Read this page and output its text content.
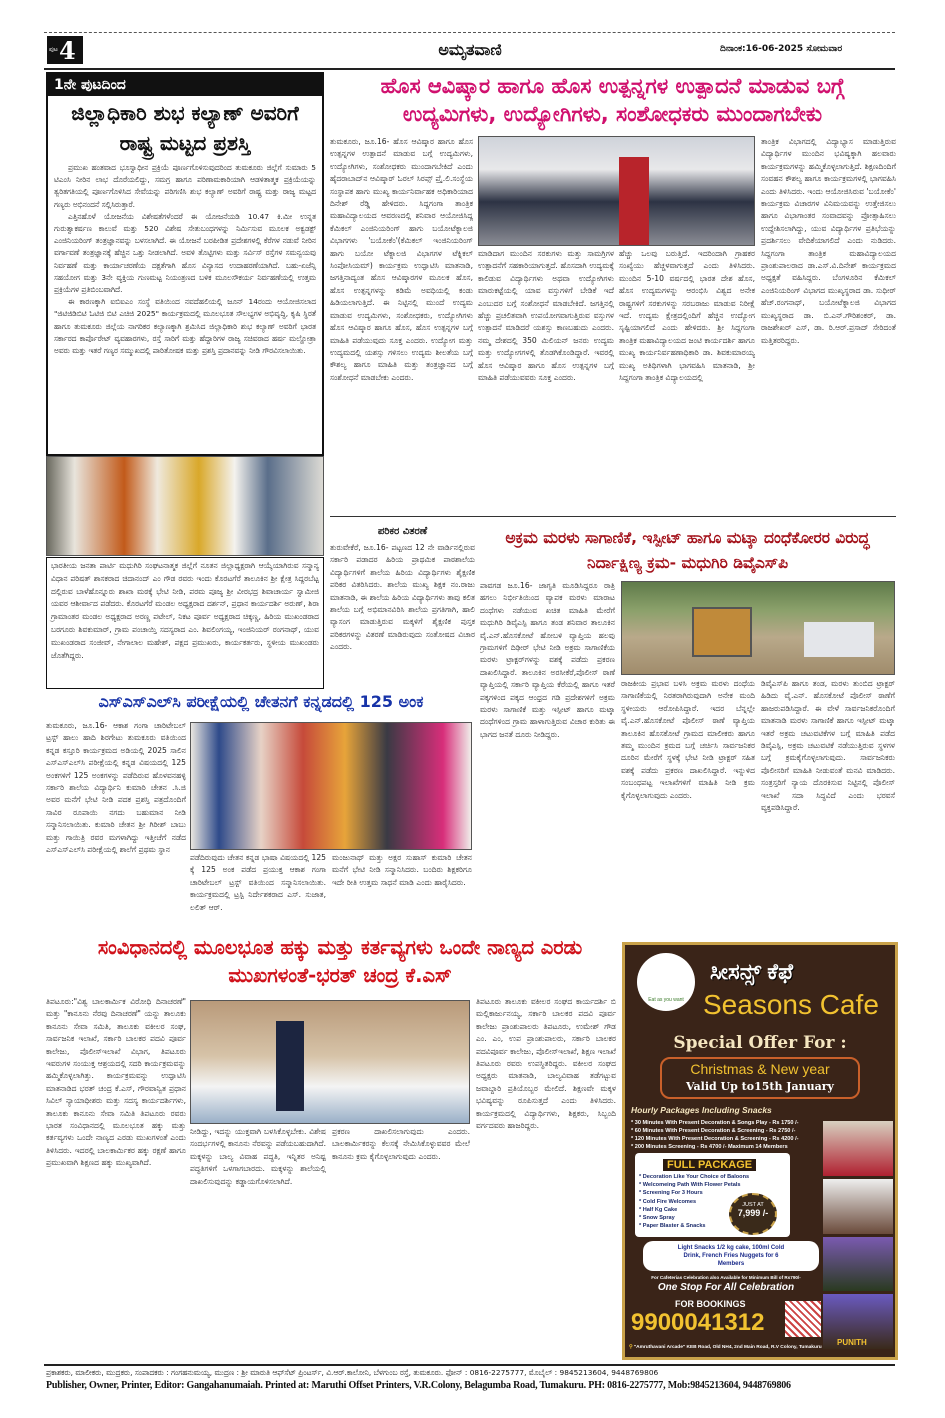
ಪುಟ 4	ಅಮೃತವಾಣಿ	ದಿನಾಂಕ:16-06-2025 ಸೋಮವಾರ
1ನೇ ಪುಟದಿಂದ
ಜಿಲ್ಲಾಧಿಕಾರಿ ಶುಭ ಕಲ್ಯಾಣ್ ಅವರಿಗೆ ರಾಷ್ಟ್ರ ಮಟ್ಟದ ಪ್ರಶಸ್ತಿ

ಪ್ರಮುಖ ಹಂತವಾದ ಭೂಸ್ವಾಧೀನ ಪ್ರಕ್ರಿಯೆ ಪೂರ್ಣಗೊಳಿಸುವುದರಿಂದ ತುಮಕೂರು ಜಿಲ್ಲೆಗೆ ಸುಮಾರು 5 ಟಿಎಂಸಿ ನೀರಿನ ಲಾಭ ದೊರೆಯಲಿದ್ದು, ಸಮಗ್ರ ಹಾಗೂ ಪರಿಣಾಮಕಾರಿಯಾಗಿ ಆಡಳಿತಾತ್ಮಕ ಪ್ರಕ್ರಿಯೆಯನ್ನು ತ್ವರಿತಗತಿಯಲ್ಲಿ ಪೂರ್ಣಗೊಳಿಸಿದ ಸೇವೆಯನ್ನು ಪರಿಗಣಿಸಿ ಶುಭ ಕಲ್ಯಾಣ್ ಅವರಿಗೆ ರಾಷ್ಟ್ರ ಮತ್ತು ರಾಜ್ಯ ಮಟ್ಟದ ಗಣ್ಯರು ಅಭಿನಂದನೆ ಸಲ್ಲಿಸಿರುತ್ತಾರೆ.

ಎತ್ತಿನಹೊಳೆ ಯೋಜನೆಯ ವಿಶೇಷತೆಗಳೆಂದರೆ ಈ ಯೋಜನೆಯಡಿ 10.47 ಕಿ.ಮೀ ಉನ್ನತ ಗುರುತ್ವಾಕರ್ಷಣ ಕಾಲುವೆ ಮತ್ತು 520 ವಿಶೇಷ ಸೇತುಬಂಧಗಳನ್ನು ನಿರ್ಮಿಸುವ ಮೂಲಕ ಅಕ್ವಡಕ್ಟ್ ಎಂಜಿನಿಯರಿಂಗ್ ತಂತ್ರಜ್ಞಾನವನ್ನು ಬಳಸಲಾಗಿದೆ. ಈ ಯೋಜನೆ ಬರಪೀಡಿತ ಪ್ರದೇಶಗಳಲ್ಲಿ ಕೆರೆಗಳ ನಡುವೆ ನೀರಿನ ವರ್ಗಾವಣೆ ತಂತ್ರಜ್ಞಾನಕ್ಕೆ ಹೆಚ್ಚಿನ ಒತ್ತು ನೀಡಲಾಗಿದೆ. ಅವಳಿ ತೊಟ್ಟಿಗಳು ಮತ್ತು ಸರ್ವಿಸ್ ರಸ್ತೆಗಳ ಸಮನ್ವಯವು ನಿರ್ವಹಣೆ ಮತ್ತು ಕಾರ್ಯಾಚರಣೆಯ ದಕ್ಷತೆಗಾಗಿ ಹೊಸ ವಿನ್ಯಾಸದ ಉದಾಹರಣೆಯಾಗಿದೆ. ಬಹು-ಏಜೆನ್ಸಿ ಸಹಯೋಗ ಮತ್ತು 3ನೇ ವ್ಯಕ್ತಿಯ ಗುಣಮಟ್ಟ ನಿಯಂತ್ರಣದ ಬಳಿಕ ಮೂಲಸೌಕರ್ಯ ನಿರ್ವಹಣೆಯಲ್ಲಿ ಉತ್ತಮ ಪ್ರಕ್ರಿಯೆಗಳ ಪ್ರತಿಬಿಂಬವಾಗಿದೆ.

ಈ ಕಾರಣಕ್ಕಾಗಿ ಐಬಿಐಎಂ ಸಂಸ್ಥೆ ವತಿಯಿಂದ ನವದೆಹಲಿಯಲ್ಲಿ ಜೂನ್ 14ರಂದು ಆಯೋಜಿಸಲಾದ "ಜಿಟಿಜಿಡಿಬಿಟಿ ಓಟಿಜಿ ಬಿಟಿ ಎಚಿಜಿ 2025" ಕಾರ್ಯಕ್ರಮದಲ್ಲಿ ಮೂಲಭೂತ ಸೌಲಭ್ಯಗಳ ಅಭಿವೃದ್ಧಿ, ಕೃಷಿ ಸ್ಥಿರತೆ ಹಾಗೂ ತುಮಕೂರು ಜಿಲ್ಲೆಯ ನಾಗರಿಕರ ಕಲ್ಯಾಣಕ್ಕಾಗಿ ಶ್ರಮಿಸಿದ ಜಿಲ್ಲಾಧಿಕಾರಿ ಶುಭ ಕಲ್ಯಾಣ್ ಅವರಿಗೆ ಭಾರತ ಸರ್ಕಾರದ ಕಾರ್ಪೊರೇಟ್ ವ್ಯವಹಾರಗಳು, ರಸ್ತೆ ಸಾರಿಗೆ ಮತ್ತು ಹೆದ್ದಾರಿಗಳ ರಾಜ್ಯ ಸಚಿವರಾದ ಹರ್ಷ ಮಲ್ಹೋತ್ರಾ ಅವರು ಮತ್ತು ಇತರೆ ಗಣ್ಯರ ಸಮ್ಮುಖದಲ್ಲಿ ಪಾರಿತೋಷಕ ಮತ್ತು ಪ್ರಶಸ್ತಿ ಪ್ರದಾನವನ್ನು ನೀಡಿ ಗೌರವಿಸಲಾಯಿತು.

ಭಾರತೀಯ ಜನತಾ ಪಾರ್ಟಿ ಮಧುಗಿರಿ ಸಂಘಟನಾತ್ಮಕ ಜಿಲ್ಲೆಗೆ ನೂತನ ಜಿಲ್ಲಾಧ್ಯಕ್ಷರಾಗಿ ಆಯ್ಕೆಯಾಗಿರುವ ಸನ್ಮಾನ್ಯ ವಿಧಾನ ಪರಿಷತ್ ಶಾಸಕರಾದ ಚಿದಾನಂದ್ ಎಂ ಗೌಡ ರವರು ಇಂದು ಕೊರಟಗೆರೆ ತಾಲೂಕಿನ ಶ್ರೀ ಕ್ಷೇತ್ರ ಸಿದ್ದರಬೆಟ್ಟ ದಲ್ಲಿರುವ ಬಾಳೆಹೊನ್ನೂರು ಶಾಖಾ ಮಠಕ್ಕೆ ಭೇಟಿ ನೀಡಿ, ಪರಮ ಪೂಜ್ಯ ಶ್ರೀ ವೀರಭದ್ರ ಶಿವಾಚಾರ್ಯ ಸ್ವಾಮೀಜಿ ಯವರ ಆಶೀರ್ವಾದ ಪಡೆದರು. ಕೊರಟಗೆರೆ ಮಂಡಲ ಅಧ್ಯಕ್ಷರಾದ ದರ್ಶನ್, ಪ್ರಧಾನ ಕಾರ್ಯದರ್ಶಿ ಅರುಣ್, ಶಿರಾ ಗ್ರಾಮಾಂತರ ಮಂಡಲ ಅಧ್ಯಕ್ಷರಾದ ಅರಣ್ಣ ಪಟೇಲ್, ನಿಕಟ ಪೂರ್ವ ಅಧ್ಯಕ್ಷರಾದ ಚಿಕ್ಕಣ್ಣ, ಹಿರಿಯ ಮುಖಂಡರಾದ ಬರಗೂರು ಶಿವಕುಮಾರ್, ಗ್ರಾಮ ಪಂಚಾಯ್ತಿ ಸದಸ್ಯರಾದ ಎಂ. ಶಿವಲಿಂಗಯ್ಯ, ಇಂಜಿನಿಯರ್ ರಂಗನಾಥ್, ಯುವ ಮುಖಂಡರಾದ ಸಂಜೀವ್, ನೇಗಾಲಾಲ ಮಹೇಶ್, ಪಕ್ಷದ ಪ್ರಮುಖರು, ಕಾರ್ಯಕರ್ತರು, ಸ್ಥಳೀಯ ಮುಖಂಡರು ಜೊತೆಗಿದ್ದರು.
ಹೊಸ ಆವಿಷ್ಕಾರ ಹಾಗೂ ಹೊಸ ಉತ್ಪನ್ನಗಳ ಉತ್ಪಾದನೆ ಮಾಡುವ ಬಗ್ಗೆ ಉದ್ಯಮಿಗಳು, ಉದ್ಯೋಗಿಗಳು, ಸಂಶೋಧಕರು ಮುಂದಾಗಬೇಕು
ತುಮಕೂರು, ಜೂ.16- ಹೊಸ ಆವಿಷ್ಕಾರ ಹಾಗೂ ಹೊಸ ಉತ್ಪನ್ನಗಳ ಉತ್ಪಾದನೆ ಮಾಡುವ ಬಗ್ಗೆ ಉದ್ಯಮಿಗಳು, ಉದ್ಯೋಗಿಗಳು, ಸಂಶೋಧಕರು ಮುಂದಾಗಬೇಕಿದೆ ಎಂದು ಹೈದರಾಬಾದ್‌ನ ಆವಿಷ್ಕಾರ್ ಓರಲ್ ಸಿರಪ್ಸ್ ಪ್ರೈ.ಲಿ.ಸಂಸ್ಥೆಯ ಸಂಸ್ಥಾಪಕ ಹಾಗು ಮುಖ್ಯ ಕಾರ್ಯನಿರ್ವಾಹಕ ಅಧಿಕಾರಿಯಾದ ದಿನೇಶ್ ರೆಡ್ಡಿ ಹೇಳಿದರು. ಸಿದ್ದಗಂಗಾ ತಾಂತ್ರಿಕ ಮಹಾವಿದ್ಯಾಲಯದ ಆವರಣದಲ್ಲಿ ಶನಿವಾರ ಆಯೋಜಿಸಿದ್ದ ಕೆಮಿಕಲ್ ಎಂಜಿನಿಯರಿಂಗ್ ಹಾಗು ಬಯೋಟೆಕ್ನಾಲಜಿ ವಿಭಾಗಗಳು 'ಬಯೋಕೆಂ'(ಕೆಮಿಕಲ್ ಇಂಜಿನಿಯರಿಂಗ್ ಹಾಗು ಬಯೋ ಟೆಕ್ನಾಲಜಿ ವಿಭಾಗಗಳ ಟೆಕ್ನಿಕಲ್ ಸಿಂಪೋಸಿಯಮ್) ಕಾರ್ಯಕ್ರಮ ಉದ್ಘಾಟಿಸಿ ಮಾತನಾಡಿ, ಜಗತ್ತಿನಾದ್ಯಂತ ಹೊಸ ಆವಿಷ್ಕಾರಗಳ ಮೂಲಕ ಹೊಸ, ಹೊಸ ಉತ್ಪನ್ನಗಳನ್ನು ಕಡಿಮೆ ಅವಧಿಯಲ್ಲಿ ಕಂಡು ಹಿಡಿಯಲಾಗುತ್ತಿದೆ. ಈ ನಿಟ್ಟಿನಲ್ಲಿ ಮುಂದೆ ಉದ್ಯಮ ಮಾಡುವ ಉದ್ಯಮಿಗಳು, ಸಂಶೋಧಕರು, ಉದ್ಯೋಗಿಗಳು ಹೊಸ ಆವಿಷ್ಕಾರ ಹಾಗೂ ಹೊಸ, ಹೊಸ ಉತ್ಪನ್ನಗಳ ಬಗ್ಗೆ ಮಾಹಿತಿ ಪಡೆಯುವುದು ಸೂಕ್ತ ಎಂದರು. ಉದ್ಯೋಗ ಮತ್ತು ಉದ್ಯಮದಲ್ಲಿ ಯಶಸ್ಸು ಗಳಿಸಲು ಉದ್ಯಮ ಶೀಲತೆಯ ಬಗ್ಗೆ ಕೌಶಲ್ಯ ಹಾಗೂ ಮಾಹಿತಿ ಮತ್ತು ತಂತ್ರಜ್ಞಾನದ ಬಗ್ಗೆ ಸಂಶೋಧನೆ ಮಾಡಬೇಕು ಎಂದರು.
ಮಾಡಿದಾಗ ಮುಂದಿನ ಸರಕುಗಳು ಮತ್ತು ಸಾಮಗ್ರಿಗಳ ಉತ್ಪಾದನೆಗೆ ಸಹಕಾರಿಯಾಗುತ್ತದೆ. ಹೊಸದಾಗಿ ಉದ್ಯಮಕ್ಕೆ ಕಾಲಿಡುವ ವಿದ್ಯಾರ್ಥಿಗಳು ಅಥವಾ ಉದ್ಯೋಗಿಗಳು ಮಾರುಕಟ್ಟೆಯಲ್ಲಿ ಯಾವ ವಸ್ತುಗಳಿಗೆ ಬೇಡಿಕೆ ಇದೆ ಎಂಬುದರ ಬಗ್ಗೆ ಸಂಶೋಧನೆ ಮಾಡಬೇಕಿದೆ. ಜಗತ್ತಿನಲ್ಲಿ ಹೆಚ್ಚು ಪ್ರಚಲಿತವಾಗಿ ಉಪಯೋಗವಾಗುತ್ತಿರುವ ವಸ್ತುಗಳ ಉತ್ಪಾದನೆ ಮಾಡಿದರೆ ಯಶಸ್ಸು ಕಾಣಬಹುದು ಎಂದರು. ನಮ್ಮ ದೇಶದಲ್ಲಿ 350 ಮಿಲಿಯನ್ ಜನರು ಉದ್ಯಮ ಮತ್ತು ಉದ್ಯೋಗಗಳಲ್ಲಿ ತೊಡಗಿಕೊಂಡಿದ್ದಾರೆ. ಇವರಲ್ಲಿ ಹೊಸ ಆವಿಷ್ಕಾರ ಹಾಗೂ ಹೊಸ ಉತ್ಪನ್ನಗಳ ಬಗ್ಗೆ ಮಾಹಿತಿ ಪಡೆಯುವವರು ಸೂಕ್ತ ಎಂದರು.
ಹೆಚ್ಚು ಒಲವು ಬರುತ್ತಿದೆ. ಇದರಿಂದಾಗಿ ಗ್ರಾಹಕರ ಸಂಖ್ಯೆಯು ಹೆಚ್ಚಳವಾಗುತ್ತದೆ ಎಂದು ತಿಳಿಸಿದರು. ಮುಂದಿನ 5-10 ವರ್ಷದಲ್ಲಿ ಭಾರತ ದೇಶ ಹೊಸ, ಹೊಸ ಉದ್ಯಮಗಳನ್ನು ಆರಂಭಿಸಿ ವಿಶ್ವದ ಅನೇಕ ರಾಷ್ಟ್ರಗಳಿಗೆ ಸರಕುಗಳನ್ನು ಸರಬರಾಜು ಮಾಡುವ ನಿರೀಕ್ಷೆ ಇದೆ. ಉದ್ಯಮ ಕ್ಷೇತ್ರದಲ್ಲಿಂದಿಗೆ ಹೆಚ್ಚಿನ ಉದ್ಯೋಗ ಸೃಷ್ಟಿಯಾಗಲಿದೆ ಎಂದು ಹೇಳಿದರು. ಶ್ರೀ ಸಿದ್ದಗಂಗಾ ತಾಂತ್ರಿಕ ಮಹಾವಿದ್ಯಾಲಯದ ಜಂಟಿ ಕಾರ್ಯದರ್ಶಿ ಹಾಗೂ ಮುಖ್ಯ ಕಾರ್ಯನಿರ್ವಹಣಾಧಿಕಾರಿ ಡಾ. ಶಿವಕುಮಾರಯ್ಯ ಮುಖ್ಯ ಅತಿಥಿಗಳಾಗಿ ಭಾಗವಹಿಸಿ ಮಾತನಾಡಿ, ಶ್ರೀ ಸಿದ್ದಗಂಗಾ ತಾಂತ್ರಿಕ ವಿದ್ಯಾಲಯದಲ್ಲಿ
ತಾಂತ್ರಿಕ ವಿಭಾಗದಲ್ಲಿ ವಿದ್ಯಾಭ್ಯಾಸ ಮಾಡುತ್ತಿರುವ ವಿದ್ಯಾರ್ಥಿಗಳ ಮುಂದಿನ ಭವಿಷ್ಯಕ್ಕಾಗಿ ಹಲವಾರು ಕಾರ್ಯಕ್ರಮಗಳನ್ನು ಹಮ್ಮಿಕೊಳ್ಳಲಾಗುತ್ತಿದೆ. ಶಿಕ್ಷಣದಿಂದಿಗೆ ಸಂವಹನ ಕೌಶಲ್ಯ ಹಾಗೂ ಕಾರ್ಯಕ್ರಮಗಳಲ್ಲಿ ಭಾಗವಹಿಸಿ ಎಂದು ತಿಳಿಸಿದರು. ಇಂದು ಆಯೋಜಿಸಿರುವ 'ಬಯೋಕೆಂ' ಕಾರ್ಯಕ್ರಮ ವಿಚಾರಗಳ ವಿನಿಮಯವನ್ನು ಉತ್ತೇಜಿಸಲು ಹಾಗೂ ವಿಭಾಗಾಂತರ ಸಂವಾದವನ್ನು ಪ್ರೋತ್ಸಾಹಿಸಲು ಉದ್ದೇಶಿಸಲಾಗಿದ್ದು, ಯುವ ವಿದ್ಯಾರ್ಥಿಗಳ ಪ್ರತಿಭೆಯನ್ನು ಪ್ರದರ್ಶಿಸಲು ವೇದಿಕೆಯಾಗಲಿದೆ ಎಂದು ನುಡಿದರು. ಸಿದ್ದಗಂಗಾ ತಾಂತ್ರಿಕ ಮಹಾವಿದ್ಯಾಲಯದ ಪ್ರಾಂಶುಪಾಲರಾದ ಡಾ.ಎಸ್.ವಿ.ದಿನೇಶ್ ಕಾರ್ಯಕ್ರಮದ ಅಧ್ಯಕ್ಷತೆ ವಹಿಸಿದ್ದರು. ಬೆಂಗಳೂರಿನ ಕೆಮಿಕಲ್ ಎಂಜಿನಿಯರಿಂಗ್ ವಿಭಾಗದ ಮುಖ್ಯಸ್ಥರಾದ ಡಾ. ಸುಧೀರ್ ಹೆಚ್.ರಂಗನಾಥ್, ಬಯೋಟೆಕ್ನಾಲಜಿ ವಿಭಾಗದ ಮುಖ್ಯಸ್ಥರಾದ ಡಾ. ಬಿ.ಎನ್.ಗೌರಿಶಂಕರ್, ಡಾ. ರಾಜಶೇಖರ್ ಎಸ್, ಡಾ. ರಿ.ಆರ್.ಪ್ರಸಾದ್ ಸೇರಿದಂತೆ ಮತ್ತಿತರರಿದ್ದರು.
ಪರಿಕರ ವಿತರಣೆ
ತುರುವೇಕೆರೆ, ಜೂ.16- ಪಟ್ಟಣದ 12 ನೇ ವಾರ್ಡಿನಲ್ಲಿರುವ ಸರ್ಕಾರಿ ಪಡಾದರ ಹಿರಿಯ ಪ್ರಾಥಮಿಕ ಪಾಠಶಾಲೆಯ ವಿದ್ಯಾರ್ಥಿಗಳಿಗೆ ಶಾಲೆಯ ಹಿರಿಯ ವಿದ್ಯಾರ್ಥಿಗಳು ಶೈಕ್ಷಣಿಕ ಪರಿಕರ ವಿತರಿಸಿದರು. ಶಾಲೆಯ ಮುಖ್ಯ ಶಿಕ್ಷಕ ನಂ.ರಾಜು ಮಾತನಾಡಿ, ಈ ಶಾಲೆಯ ಹಿರಿಯ ವಿದ್ಯಾರ್ಥಿಗಳು ತಾವು ಕಲಿತ ಶಾಲೆಯ ಬಗ್ಗೆ ಅಭಿಮಾನವಿರಿಸಿ ಶಾಲೆಯ ಪ್ರಗತಿಗಾಗಿ, ಹಾಲಿ ವ್ಯಾಸಂಗ ಮಾಡುತ್ತಿರುವ ಮಕ್ಕಳಿಗೆ ಶೈಕ್ಷಣಿಕ ಪುಸ್ತಕ ಪರಿಕರಗಳನ್ನು ವಿತರಣೆ ಮಾಡಿರುವುದು ಸಂತೋಷದ ವಿಚಾರ ಎಂದರು.
ಅಕ್ರಮ ಮರಳು ಸಾಗಾಣಿಕೆ, ಇಸ್ಪೀಟ್ ಹಾಗೂ ಮಟ್ಕಾ ದಂಧೆಕೋರರ ವಿರುದ್ಧ ನಿರ್ದಾಕ್ಷಿಣ್ಯ ಕ್ರಮ- ಮಧುಗಿರಿ ಡಿವೈಎಸ್‌ಪಿ
ಪಾವಗಡ ಜೂ.16- ಜಾಗೃತಿ ಮೂಡಿಸಿದ್ದರೂ ರಾತ್ರಿ ಹಗಲು ನಿರ್ಭೀತಿಯಿಂದ ವ್ಯಾಪಕ ಮರಳು ಮಾರಾಟ ದಂಧೆಗಳು ನಡೆಯುವ ಖಚಿತ ಮಾಹಿತಿ ಮೇರೆಗೆ ಮಧುಗಿರಿ ಡಿವೈಎಸ್ಪಿ ಹಾಗೂ ತಂಡ ಶನಿವಾರ ತಾಲೂಕಿನ ವೈ.ಎನ್.ಹೊಸಕೋಟೆ ಹೋಬಳಿ ವ್ಯಾಪ್ತಿಯ ಹಲವು ಗ್ರಾಮಗಳಿಗೆ ದಿಢೀರ್ ಭೇಟಿ ನೀಡಿ ಅಕ್ರಮ ಸಾಗಾಣಿಕೆಯ ಮರಳು ಟ್ರಾಕ್ಟರ್‌ಗಳನ್ನು ವಶಕ್ಕೆ ಪಡೆದು ಪ್ರಕರಣ ದಾಖಲಿಸಿದ್ದಾರೆ. ತಾಲೂಕಿನ ಅರಸೀಕೆರೆ,ಪೊಲೀಸ್ ಠಾಣೆ ವ್ಯಾಪ್ತಿಯಲ್ಲಿ ಸರ್ಕಾರಿ ವ್ಯಾಪ್ತಿಯ ಕೆರೆಯಲ್ಲಿ ಹಾಗೂ ಇತರೆ ಪಕ್ಕಗಳಿಂದ ಪಕ್ಕದ ಆಂಧ್ರದ ಗಡಿ ಪ್ರದೇಶಗಳಿಗೆ ಅಕ್ರಮ ಮರಳು ಸಾಗಾಣಿಕೆ ಮತ್ತು ಇಸ್ಪೀಟ್ ಹಾಗೂ ಮಟ್ಕಾ ದಂಧೆಗಳಿಂದ ಗ್ರಾಮ ಹಾಳಾಗುತ್ತಿರುವ ವಿಚಾರ ಕುರಿತು ಈ ಭಾಗದ ಜನತೆ ದೂರು ನೀಡಿದ್ದರು.
ರಾಜಕೀಯ ಪ್ರಭಾವ ಬಳಸಿ ಅಕ್ರಮ ಮರಳು ದಂಧೆಯ ಸಾಗಾಣಿಕೆಯಲ್ಲಿ ನಿರತರಾಗಿರುವುದಾಗಿ ಅನೇಕ ಮಂದಿ ಸ್ಥಳೀಯರು ಆರೋಪಿಸಿದ್ದಾರೆ. ಇದರ ಬೆನ್ನಲ್ಲೇ ವೈ.ಎನ್.ಹೊಸಕೋಟೆ ಪೊಲೀಸ್ ಠಾಣೆ ವ್ಯಾಪ್ತಿಯ ತಾಲೂಕಿನ ಹೊಸಕೋಟೆ ಗ್ರಾಮದ ಮಾಲೀಕರು ಹಾಗೂ ತಮ್ಮ ಮುಂದಿನ ಕ್ರಮದ ಬಗ್ಗೆ ಚರ್ಚಿಸಿ ಸಾರ್ವಜನಿಕರ ದೂರಿನ ಮೇರೆಗೆ ಸ್ಥಳಕ್ಕೆ ಭೇಟಿ ನೀಡಿ ಟ್ರಾಕ್ಟರ್ ಸಹಿತ ವಶಕ್ಕೆ ಪಡೆದು ಪ್ರಕರಣ ದಾಖಲಿಸಿದ್ದಾರೆ. ಇನ್ನುಳಿದ ಸಂಬಂಧಪಟ್ಟ ಇಲಾಖೆಗಳಿಗೆ ಮಾಹಿತಿ ನೀಡಿ ಕ್ರಮ ಕೈಗೊಳ್ಳಲಾಗುವುದು ಎಂದರು.
ಡಿವೈಎಸ್‌ಪಿ ಹಾಗೂ ತಂಡ, ಮರಳು ತುಂಬಿದ ಟ್ರಾಕ್ಟರ್ ಹಿಡಿದು ವೈ.ಎನ್. ಹೊಸಕೋಟೆ ಪೊಲೀಸ್ ಠಾಣೆಗೆ ಹಾಜರುಪಡಿಸಿದ್ದಾರೆ. ಈ ವೇಳೆ ಸಾರ್ವಜನಿಕರೊಂದಿಗೆ ಮಾತನಾಡಿ ಮರಳು ಸಾಗಾಣಿಕೆ ಹಾಗೂ ಇಸ್ಪೀಟ್ ಮಟ್ಕಾ ಇತರೆ ಅಕ್ರಮ ಚಟುವಟಿಕೆಗಳ ಬಗ್ಗೆ ಮಾಹಿತಿ ಪಡೆದ ಡಿವೈಎಸ್ಪಿ, ಅಕ್ರಮ ಚಟುವಟಿಕೆ ನಡೆಯುತ್ತಿರುವ ಸ್ಥಳಗಳ ಬಗ್ಗೆ ಕ್ರಮಕೈಗೊಳ್ಳಲಾಗುವುದು. ಸಾರ್ವಜನಿಕರು ಪೊಲೀಸರಿಗೆ ಮಾಹಿತಿ ನೀಡುವಂತೆ ಮನವಿ ಮಾಡಿದರು. ಸಂತ್ರಸ್ತರಿಗೆ ನ್ಯಾಯ ದೊರಕಿಸುವ ನಿಟ್ಟಿನಲ್ಲಿ ಪೊಲೀಸ್ ಇಲಾಖೆ ಸದಾ ಸಿದ್ಧವಿದೆ ಎಂದು ಭರವಸೆ ವ್ಯಕ್ತಪಡಿಸಿದ್ದಾರೆ.
ಎಸ್‌ಎಸ್‌ಎಲ್‌ಸಿ ಪರೀಕ್ಷೆಯಲ್ಲಿ ಚೇತನಗೆ ಕನ್ನಡದಲ್ಲಿ 125 ಅಂಕ
ತುಮಕೂರು, ಜೂ.16- ಆಕಾಶ ಗಂಗಾ ಚಾರಿಟೇಬಲ್ ಟ್ರಸ್ಟ್ ಹಾಲು ಹಾದಿ ಶಿರಗೇಟು ತುಮಕೂರು ವತಿಯಿಂದ ಕನ್ನಡ ಕಸ್ತೂರಿ ಕಾರ್ಯಕ್ರಮದ ಅಡಿಯಲ್ಲಿ 2025 ಸಾಲಿನ ಎಸ್‌ಎಸ್‌ಎಲ್‌ಸಿ ಪರೀಕ್ಷೆಯಲ್ಲಿ ಕನ್ನಡ ವಿಷಯದಲ್ಲಿ 125 ಅಂಕಗಳಿಗೆ 125 ಅಂಕಗಳನ್ನು ಪಡೆದಿರುವ ಹೊಳವನಹಳ್ಳಿ ಸರ್ಕಾರಿ ಶಾಲೆಯ ವಿದ್ಯಾರ್ಥಿನಿ ಕುಮಾರಿ ಚೇತನ .ಸಿ.ಜಿ ಅವರ ಮನೆಗೆ ಭೇಟಿ ನೀಡಿ ಪದಕ ಪ್ರಶಸ್ತಿ ಪತ್ರದೊಂದಿಗೆ ಸಾವಿರ ರೂಪಾಯಿ ನಗದು ಬಹುಮಾನ ನೀಡಿ ಸನ್ಮಾನಿಸಲಾಯಿತು. ಕುಮಾರಿ ಚೇತನ ಶ್ರೀ ಗಿರೀಶ್ ಬಾಬು ಮತ್ತು ಗಾಯಿತ್ರಿ ರವರ ಮಗಳಾಗಿದ್ದು ಇತ್ತೀಚೆಗೆ ನಡೆದ ಎಸ್‌ಎಸ್‌ಎಲ್‌ಸಿ ಪರೀಕ್ಷೆಯಲ್ಲಿ ಶಾಲೆಗೆ ಪ್ರಥಮ ಸ್ಥಾನ
ಪಡೆದಿರುವುದು ಚೇತನ ಕನ್ನಡ ಭಾಷಾ ವಿಷಯದಲ್ಲಿ 125 ಕ್ಕೆ 125 ಅಂಕ ಪಡೆದ ಪ್ರಯುಕ್ತ ಆಕಾಶ ಗಂಗಾ ಚಾರಿಟೇಬಲ್ ಟ್ರಸ್ಟ್ ವತಿಯಿಂದ ಸನ್ಮಾನಿಸಲಾಯಿತು. ಕಾರ್ಯಕ್ರಮದಲ್ಲಿ ಟ್ರಸ್ಟಿ ನಿರ್ದೇಶಕರಾದ ಎಸ್. ಸುಜಾತ, ಲಲಿತ್ ಆರ್.
ಮಂಜುನಾಥ್ ಮತ್ತು ಅಕ್ಷರ ಸುಹಾಸ್ ಕುಮಾರಿ ಚೇತನ ಮನೆಗೆ ಭೇಟಿ ನೀಡಿ ಸನ್ಮಾನಿಸಿದರು. ಬಂದಿರು ಶಿಕ್ಷಕರಿಗೂ ಇದೇ ರೀತಿ ಉತ್ತಮ ಸಾಧನೆ ಮಾಡಿ ಎಂದು ಹಾರೈಸಿದರು.
ಸಂವಿಧಾನದಲ್ಲಿ ಮೂಲಭೂತ ಹಕ್ಕು ಮತ್ತು ಕರ್ತವ್ಯಗಳು ಒಂದೇ ನಾಣ್ಯದ ಎರಡು ಮುಖಗಳಂತೆ-ಭರತ್ ಚಂದ್ರ ಕೆ.ಎಸ್
ತಿಪಟೂರು:"ವಿಶ್ವ ಬಾಲಕಾರ್ಮಿಕ ವಿರೋಧಿ ದಿನಾಚರಣೆ" ಮತ್ತು "ಕಾನೂನು ನೆರವು ದಿನಾಚರಣೆ" ಯನ್ನು ತಾಲೂಕು ಕಾನೂನು ಸೇವಾ ಸಮಿತಿ, ತಾಲೂಕು ವಕೀಲರ ಸಂಘ, ಸಾರ್ವಜನಿಕ ಇಲಾಖೆ, ಸರ್ಕಾರಿ ಬಾಲಕರ ಪದವಿ ಪೂರ್ವ ಕಾಲೇಜು, ಪೊಲೀಸ್‌ಇಲಾಖೆ ವಿಭಾಗ, ತಿಪಟೂರು ಇವರುಗಳ ಸಂಯುಕ್ತ ಆಶ್ರಯದಲ್ಲಿ ಸದರಿ ಕಾರ್ಯಕ್ರಮವನ್ನು ಹಮ್ಮಿಕೊಳ್ಳಲಾಗಿತ್ತು. ಕಾರ್ಯಕ್ರಮವನ್ನು ಉದ್ಘಾಟಿಸಿ ಮಾತನಾಡಿದ ಭರತ್ ಚಂದ್ರ ಕೆ.ಎಸ್, ಗೌರವಾನ್ವಿತ ಪ್ರಧಾನ ಸಿವಿಲ್ ನ್ಯಾಯಾಧೀಶರು ಮತ್ತು ಸದಸ್ಯ ಕಾರ್ಯದರ್ಶಿಗಳು, ತಾಲೂಕು ಕಾನೂನು ಸೇವಾ ಸಮಿತಿ ತಿಪಟೂರು ರವರು ಭಾರತ ಸಂವಿಧಾನದಲ್ಲಿ ಮೂಲಭೂತ ಹಕ್ಕು ಮತ್ತು ಕರ್ತವ್ಯಗಳು ಒಂದೇ ನಾಣ್ಯದ ಎರಡು ಮುಖಗಳಂತೆ ಎಂದು ತಿಳಿಸಿದರು. ಇದರಲ್ಲಿ ಬಾಲಕಾರ್ಮಿಕರ ಹಕ್ಕು ರಕ್ಷಣೆ ಹಾಗೂ ಪ್ರಮುಖವಾಗಿ ಶಿಕ್ಷಣದ ಹಕ್ಕು ಮುಖ್ಯವಾಗಿದೆ.
ನೀಡಿದ್ದು, ಇದನ್ನು ಯುಕ್ತವಾಗಿ ಬಳಸಿಕೊಳ್ಳಬೇಕು. ವಿಶೇಷ ಸಂದರ್ಭಗಳಲ್ಲಿ ಕಾನೂನು ನೆರವನ್ನು ಪಡೆಯಬಹುದಾಗಿದೆ. ಮಕ್ಕಳನ್ನು ಬಾಲ್ಯ ವಿವಾಹ ಪದ್ಧತಿ, ಇನ್ನಿತರ ಅನಿಷ್ಟ ಪದ್ಧತಿಗಳಿಗೆ ಒಳಗಾಗಬಾರದು. ಮಕ್ಕಳನ್ನು ಶಾಲೆಯಲ್ಲಿ ದಾಖಲಿಸುವುದನ್ನು ಕಡ್ಡಾಯಗೊಳಿಸಲಾಗಿದೆ.
ಪ್ರಕರಣ ದಾಖಲಿಸಲಾಗುವುದು ಎಂದರು. ಬಾಲಕಾರ್ಮಿಕರನ್ನು ಕೆಲಸಕ್ಕೆ ನೇಮಿಸಿಕೊಳ್ಳುವವರ ಮೇಲೆ ಕಾನೂನು ಕ್ರಮ ಕೈಗೊಳ್ಳಲಾಗುವುದು ಎಂದರು.
ತಿಪಟೂರು ತಾಲೂಕು ವಕೀಲರ ಸಂಘದ ಕಾರ್ಯದರ್ಶಿ ಬಿ ಮಲ್ಲಿಕಾರ್ಜುನಯ್ಯ, ಸರ್ಕಾರಿ ಬಾಲಕರ ಪದವಿ ಪೂರ್ವ ಕಾಲೇಜು ಪ್ರಾಂಶುಪಾಲರು ತಿಪಟೂರು, ಉಮೇಶ್ ಗೌಡ ಎಂ. ಎಂ, ಉಪ ಪ್ರಾಂಶುಪಾಲರು, ಸರ್ಕಾರಿ ಬಾಲಕರ ಪದವಿಪೂರ್ವ ಕಾಲೇಜು, ಪೊಲೀಸ್‌ಇಲಾಖೆ, ಶಿಕ್ಷಣ ಇಲಾಖೆ ತಿಪಟೂರು ರವರು ಉಪಸ್ಥಿತರಿದ್ದರು. ವಕೀಲರ ಸಂಘದ ಅಧ್ಯಕ್ಷರು ಮಾತನಾಡಿ, ಬಾಲ್ಯವಿವಾಹ ತಡೆಗಟ್ಟುವ ಜವಾಬ್ದಾರಿ ಪ್ರತಿಯೊಬ್ಬರ ಮೇಲಿದೆ. ಶಿಕ್ಷಣವೇ ಮಕ್ಕಳ ಭವಿಷ್ಯವನ್ನು ರೂಪಿಸುತ್ತದೆ ಎಂದು ತಿಳಿಸಿದರು. ಕಾರ್ಯಕ್ರಮದಲ್ಲಿ ವಿದ್ಯಾರ್ಥಿಗಳು, ಶಿಕ್ಷಕರು, ಸಿಬ್ಬಂದಿ ವರ್ಗದವರು ಹಾಜರಿದ್ದರು.
Eat as you want
ಸೀಸನ್ಸ್ ಕೆಫೆ
Seasons Cafe
Special Offer For :
Christmas & New year
Valid Up to15th January
Hourly Packages Including Snacks
* 30 Minutes With Present Decoration & Songs Play - Rs 1750 /-
* 60 Minutes With Present Decoration & Screening - Rs 2750 /-
* 120 Minutes With Present Decoration & Screening - Rs 4200 /-
* 200 Minutes Screening - Rs 4700 /- Maximum 14 Members
FULL PACKAGE
* Decoration Like Your Choice of Baloons
* Welcomeing Path With Flower Petals
* Screening For 3 Hours
* Cold Fire Welcomes
* Half Kg Cake
* Snow Spray
* Paper Blaster & Snacks
JUST AT
7,999 /-
PUNITH
Light Snacks 1/2 kg cake, 100ml Cold Drink, French Fries Nuggets for 6 Members
For Cafeterias Celebration also Available for Minimum Bill of Rs790/-
One Stop For All Celebration
FOR BOOKINGS
9900041312
⚲ "Amruthavani Arcade" KEB Road, Old NH4, 2nd Main Road, R.V Colony, Tumakuru
ಪ್ರಕಾಶಕರು, ಮಾಲೀಕರು, ಮುದ್ರಕರು, ಸಂಪಾದಕರು : ಗಂಗಹನುಮಯ್ಯ, ಮುದ್ರಣ : ಶ್ರೀ ಮಾರುತಿ ಆಫ್‌ಸೆಟ್ ಪ್ರಿಂಟರ್ಸ್, ವಿ.ಆರ್.ಕಾಲೋನಿ, ಬೆಳಗುಂಬ ರಸ್ತೆ, ತುಮಕೂರು. ಫೋನ್ : 0816-2275777, ಮೊಬೈಲ್ : 9845213604, 9448769806
Publisher, Owner, Printer, Editor: Gangahanumaiah. Printed at: Maruthi Offset Printers, V.R.Colony, Belagumba Road, Tumakuru. PH: 0816-2275777, Mob:9845213604, 9448769806
